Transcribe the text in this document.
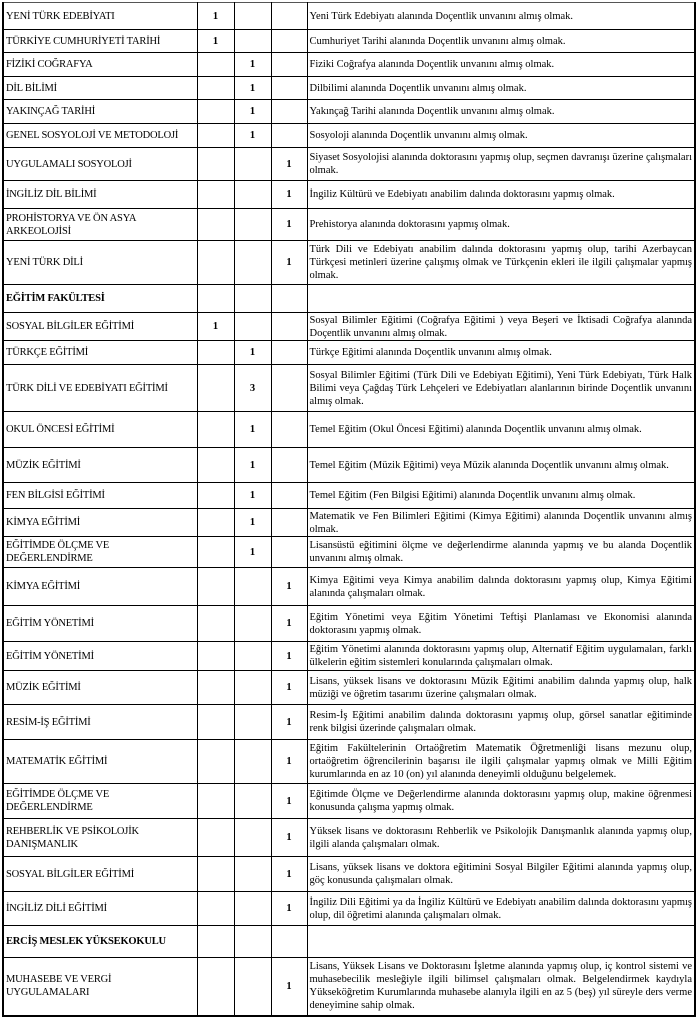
YENİ TÜRK EDEBİYATI	1			Yeni Türk Edebiyatı alanında Doçentlik unvanını almış olmak.
TÜRKİYE CUMHURİYETİ TARİHİ	1			Cumhuriyet Tarihi alanında Doçentlik unvanını almış olmak.
FİZİKİ COĞRAFYA		1		Fiziki Coğrafya alanında Doçentlik unvanını almış olmak.
DİL BİLİMİ		1		Dilbilimi alanında Doçentlik unvanını almış olmak.
YAKINÇAĞ TARİHİ		1		Yakınçağ Tarihi alanında Doçentlik unvanını almış olmak.
GENEL SOSYOLOJİ VE METODOLOJİ		1		Sosyoloji alanında Doçentlik unvanını almış olmak.
UYGULAMALI SOSYOLOJİ			1	Siyaset Sosyolojisi alanında doktorasını yapmış olup, seçmen davranışı üzerine çalışmaları olmak.
İNGİLİZ DİL BİLİMİ			1	İngiliz Kültürü ve Edebiyatı anabilim dalında doktorasını yapmış olmak.
PROHİSTORYA VE ÖN ASYA ARKEOLOJİSİ			1	Prehistorya alanında doktorasını yapmış olmak.
YENİ TÜRK DİLİ			1	Türk Dili ve Edebiyatı anabilim dalında doktorasını yapmış olup, tarihi Azerbaycan Türkçesi metinleri üzerine çalışmış olmak ve Türkçenin ekleri ile ilgili çalışmalar yapmış olmak.
EĞİTİM FAKÜLTESİ				
SOSYAL BİLGİLER EĞİTİMİ	1			Sosyal Bilimler Eğitimi (Coğrafya Eğitimi ) veya Beşeri ve İktisadi Coğrafya alanında Doçentlik unvanını almış olmak.
TÜRKÇE EĞİTİMİ		1		Türkçe Eğitimi alanında Doçentlik unvanını almış olmak.
TÜRK DİLİ VE EDEBİYATI EĞİTİMİ		3		Sosyal Bilimler Eğitimi (Türk Dili ve Edebiyatı Eğitimi), Yeni Türk Edebiyatı, Türk Halk Bilimi veya Çağdaş Türk Lehçeleri ve Edebiyatları alanlarının birinde Doçentlik unvanını almış olmak.
OKUL ÖNCESİ EĞİTİMİ		1		Temel Eğitim (Okul Öncesi Eğitimi) alanında Doçentlik unvanını almış olmak.
MÜZİK EĞİTİMİ		1		Temel Eğitim (Müzik Eğitimi) veya Müzik alanında Doçentlik unvanını almış olmak.
FEN BİLGİSİ EĞİTİMİ		1		Temel Eğitim (Fen Bilgisi Eğitimi) alanında Doçentlik unvanını almış olmak.
KİMYA EĞİTİMİ		1		Matematik ve Fen Bilimleri Eğitimi (Kimya Eğitimi) alanında Doçentlik unvanını almış olmak.
EĞİTİMDE ÖLÇME VE DEĞERLENDİRME		1		Lisansüstü eğitimini ölçme ve değerlendirme alanında yapmış ve bu alanda Doçentlik unvanını almış olmak.
KİMYA EĞİTİMİ			1	Kimya Eğitimi veya Kimya anabilim dalında doktorasını yapmış olup, Kimya Eğitimi alanında çalışmaları olmak.
EĞİTİM YÖNETİMİ			1	Eğitim Yönetimi veya Eğitim Yönetimi Teftişi Planlaması ve Ekonomisi alanında doktorasını yapmış olmak.
EĞİTİM YÖNETİMİ			1	Eğitim Yönetimi alanında doktorasını yapmış olup, Alternatif Eğitim uygulamaları, farklı ülkelerin eğitim sistemleri konularında çalışmaları olmak.
MÜZİK EĞİTİMİ			1	Lisans, yüksek lisans ve doktorasını Müzik Eğitimi anabilim dalında yapmış olup, halk müziği ve öğretim tasarımı üzerine çalışmaları olmak.
RESİM-İŞ EĞİTİMİ			1	Resim-İş Eğitimi anabilim dalında doktorasını yapmış olup, görsel sanatlar eğitiminde renk bilgisi üzerinde çalışmaları olmak.
MATEMATİK EĞİTİMİ			1	Eğitim Fakültelerinin Ortaöğretim Matematik Öğretmenliği lisans mezunu olup, ortaöğretim öğrencilerinin başarısı ile ilgili çalışmalar yapmış olmak ve Milli Eğitim kurumlarında en az 10 (on) yıl alanında deneyimli olduğunu belgelemek.
EĞİTİMDE ÖLÇME VE DEĞERLENDİRME			1	Eğitimde Ölçme ve Değerlendirme alanında doktorasını yapmış olup, makine öğrenmesi konusunda çalışma yapmış olmak.
REHBERLİK VE PSİKOLOJİK DANIŞMANLIK			1	Yüksek lisans ve doktorasını Rehberlik ve Psikolojik Danışmanlık alanında yapmış olup, ilgili alanda çalışmaları olmak.
SOSYAL BİLGİLER EĞİTİMİ			1	Lisans, yüksek lisans ve doktora eğitimini Sosyal Bilgiler Eğitimi alanında yapmış olup, göç konusunda çalışmaları olmak.
İNGİLİZ DİLİ EĞİTİMİ			1	İngiliz Dili Eğitimi ya da İngiliz Kültürü ve Edebiyatı anabilim dalında doktorasını yapmış olup, dil öğretimi alanında çalışmaları olmak.
ERCİŞ MESLEK YÜKSEKOKULU				
MUHASEBE VE VERGİ UYGULAMALARI			1	Lisans, Yüksek Lisans ve Doktorasını İşletme alanında yapmış olup, iç kontrol sistemi ve muhasebecilik mesleğiyle ilgili bilimsel çalışmaları olmak. Belgelendirmek kaydıyla Yükseköğretim Kurumlarında muhasebe alanıyla ilgili en az 5 (beş) yıl süreyle ders verme deneyimine sahip olmak.
